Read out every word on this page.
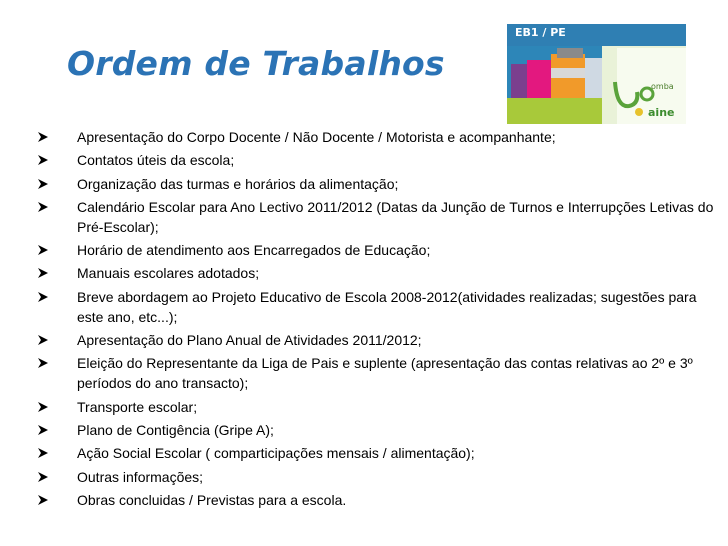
Ordem de Trabalhos
EB1 / PE
omba
aine
Apresentação do Corpo Docente / Não Docente / Motorista e acompanhante;
Contatos úteis da escola;
Organização das turmas e horários da alimentação;
Calendário Escolar para Ano Lectivo 2011/2012 (Datas da Junção de Turnos e Interrupções Letivas do Pré-Escolar);
Horário de atendimento aos Encarregados de Educação;
Manuais escolares adotados;
Breve abordagem ao Projeto Educativo de Escola 2008-2012(atividades realizadas; sugestões para este ano, etc...);
Apresentação do Plano Anual de Atividades 2011/2012;
Eleição do Representante da Liga de Pais e suplente (apresentação das contas relativas ao 2º e 3º períodos do ano transacto);
Transporte escolar;
Plano de Contigência (Gripe A);
Ação Social Escolar ( comparticipações mensais / alimentação);
Outras informações;
Obras concluidas / Previstas para a escola.
